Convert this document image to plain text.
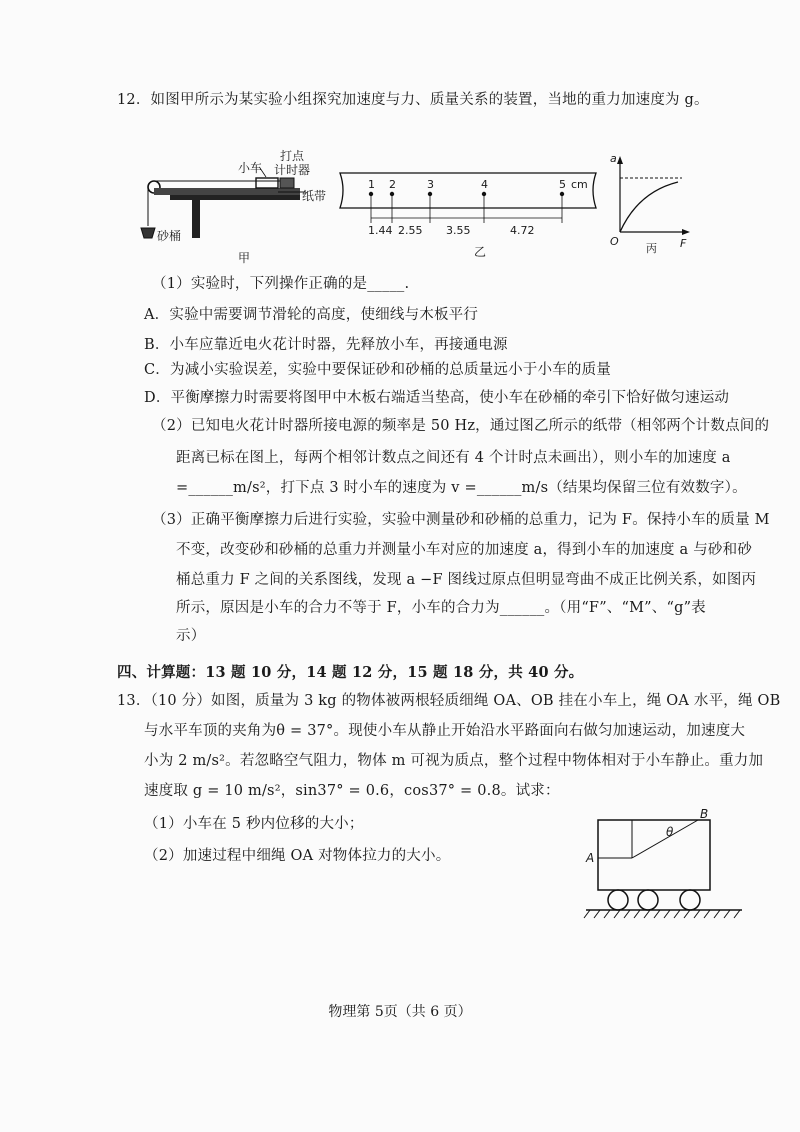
12．如图甲所示为某实验小组探究加速度与力、质量关系的装置，当地的重力加速度为 g。
小车
打点
计时器
纸带
砂桶
甲
1 2	3	4	5 cm
1.44 2.55 3.55	4.72
乙
a
F
O
丙
（1）实验时，下列操作正确的是_____.
A．实验中需要调节滑轮的高度，使细线与木板平行
B．小车应靠近电火花计时器，先释放小车，再接通电源
C．为减小实验误差，实验中要保证砂和砂桶的总质量远小于小车的质量
D．平衡摩擦力时需要将图甲中木板右端适当垫高，使小车在砂桶的牵引下恰好做匀速运动
（2）已知电火花计时器所接电源的频率是 50 Hz，通过图乙所示的纸带（相邻两个计数点间的
距离已标在图上，每两个相邻计数点之间还有 4 个计时点未画出），则小车的加速度 a
=______m/s²，打下点 3 时小车的速度为 v =______m/s（结果均保留三位有效数字）。
（3）正确平衡摩擦力后进行实验，实验中测量砂和砂桶的总重力，记为 F。保持小车的质量 M
不变，改变砂和砂桶的总重力并测量小车对应的加速度 a，得到小车的加速度 a 与砂和砂
桶总重力 F 之间的关系图线，发现 a −F 图线过原点但明显弯曲不成正比例关系，如图丙
所示，原因是小车的合力不等于 F，小车的合力为______。（用“F”、“M”、“g”表
示）
四、计算题：13 题 10 分，14 题 12 分，15 题 18 分，共 40 分。
13．（10 分）如图，质量为 3 kg 的物体被两根轻质细绳 OA、OB 挂在小车上，绳 OA 水平，绳 OB
与水平车顶的夹角为θ = 37°。现使小车从静止开始沿水平路面向右做匀加速运动，加速度大
小为 2 m/s²。若忽略空气阻力，物体 m 可视为质点，整个过程中物体相对于小车静止。重力加
速度取 g = 10 m/s²，sin37° = 0.6，cos37° = 0.8。试求：
（1）小车在 5 秒内位移的大小；
（2）加速过程中细绳 OA 对物体拉力的大小。
θ
B
A
物理第 5页（共 6 页）
